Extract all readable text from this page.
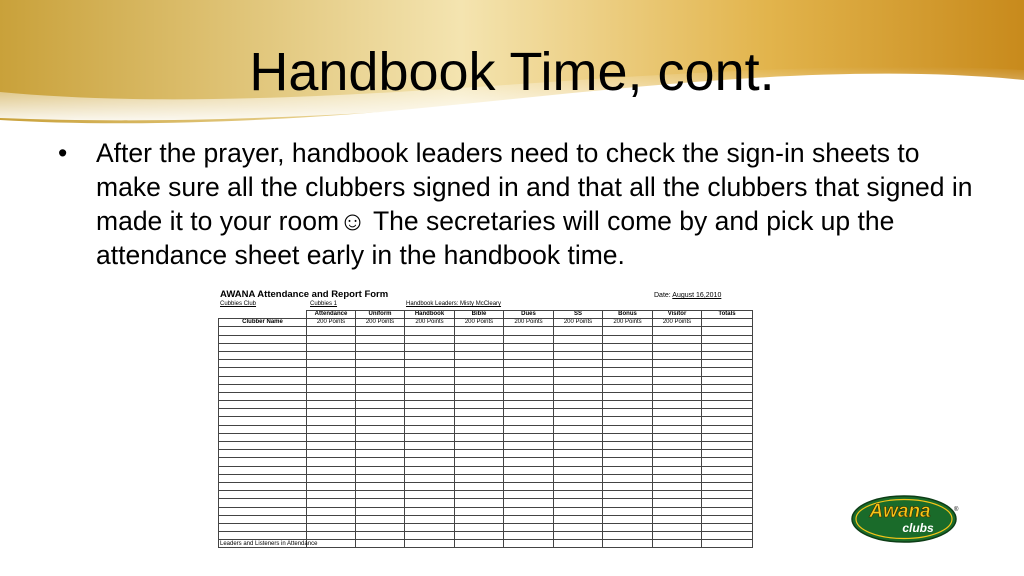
Handbook Time, cont.
•	After the prayer, handbook leaders need to check the sign-in sheets to make sure all the clubbers signed in and that all the clubbers that signed in made it to your room☺ The secretaries will come by and pick up the attendance sheet early in the handbook time.
AWANA Attendance and Report Form	Date: August 16,2010
Cubbies Club	Cubbies 1	Handbook Leaders: Misty McCleary
	Attendance	Uniform	Handbook	Bible	Dues	SS	Bonus	Visitor	Totals
Clubber Name	200 Points	200 Points	200 Points	200 Points	200 Points	200 Points	200 Points	200 Points	

Leaders and Listeners in Attendance
Awana
clubs
®
